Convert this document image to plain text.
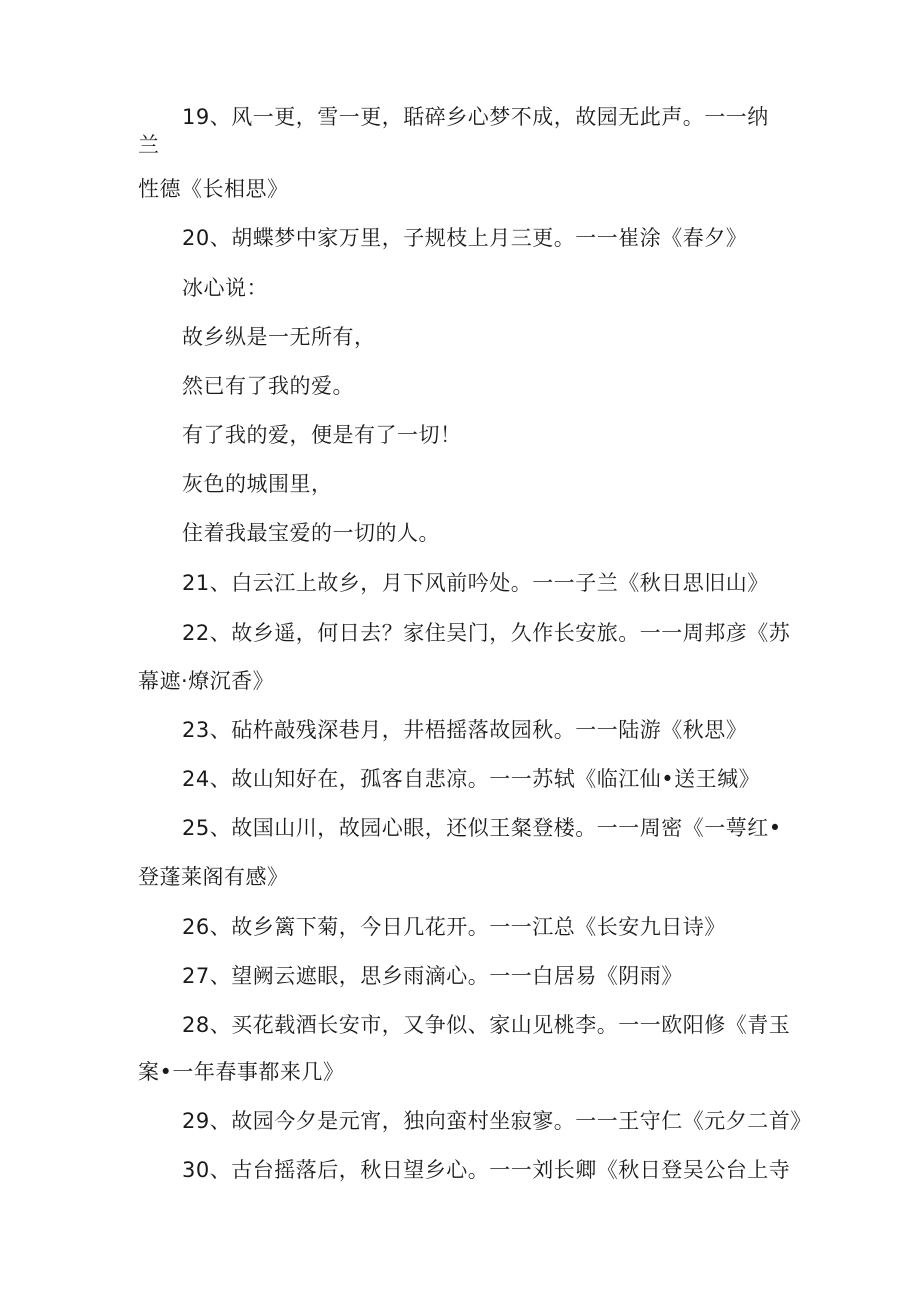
19、风一更，雪一更，聒碎乡心梦不成，故园无此声。一一纳
兰
性德《长相思》
20、胡蝶梦中家万里，子规枝上月三更。一一崔涂《春夕》
冰心说：
故乡纵是一无所有，
然已有了我的爱。
有了我的爱，便是有了一切！
灰色的城围里，
住着我最宝爱的一切的人。
21、白云江上故乡，月下风前吟处。一一子兰《秋日思旧山》
22、故乡遥，何日去？家住吴门，久作长安旅。一一周邦彦《苏
幕遮·燎沉香》
23、砧杵敲残深巷月，井梧摇落故园秋。一一陆游《秋思》
24、故山知好在，孤客自悲凉。一一苏轼《临江仙•送王缄》
25、故国山川，故园心眼，还似王粲登楼。一一周密《一萼红•
登蓬莱阁有感》
26、故乡篱下菊，今日几花开。一一江总《长安九日诗》
27、望阙云遮眼，思乡雨滴心。一一白居易《阴雨》
28、买花载酒长安市，又争似、家山见桃李。一一欧阳修《青玉
案•一年春事都来几》
29、故园今夕是元宵，独向蛮村坐寂寥。一一王守仁《元夕二首》
30、古台摇落后，秋日望乡心。一一刘长卿《秋日登吴公台上寺
